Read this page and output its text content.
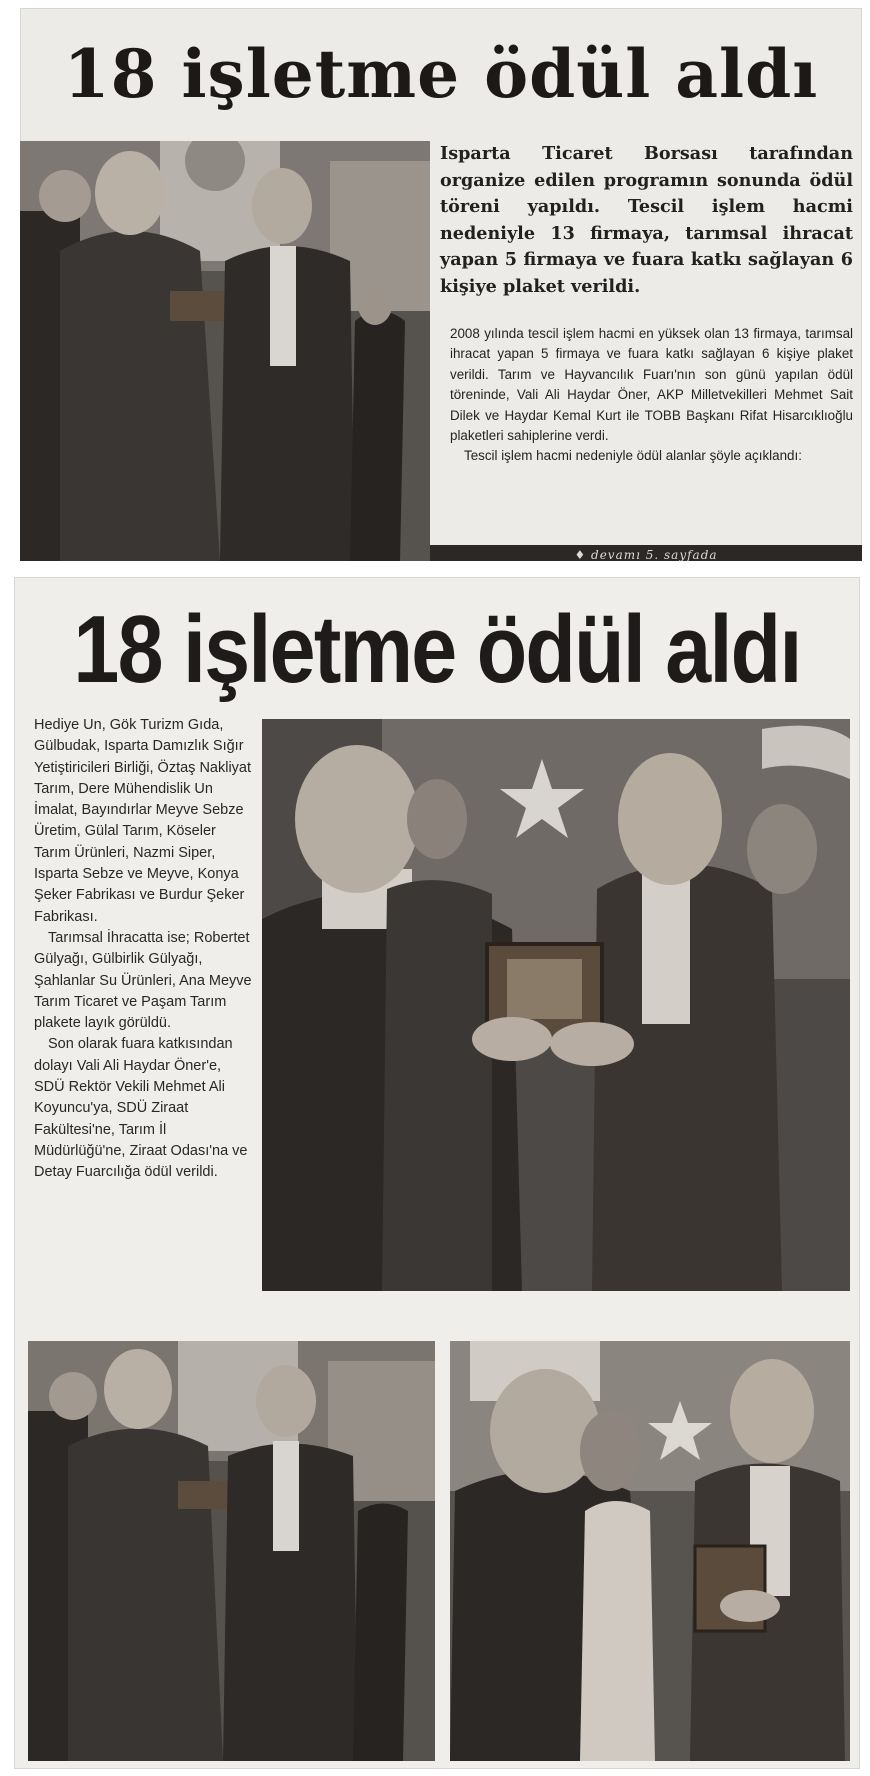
18 işletme ödül aldı
Isparta Ticaret Borsası tarafından organize edilen programın sonunda ödül töreni yapıldı. Tescil işlem hacmi nedeniyle 13 firmaya, tarımsal ihracat yapan 5 firmaya ve fuara katkı sağlayan 6 kişiye plaket verildi.

2008 yılında tescil işlem hacmi en yüksek olan 13 firmaya, tarımsal ihracat yapan 5 firmaya ve fuara katkı sağlayan 6 kişiye plaket verildi. Tarım ve Hayvancılık Fuarı'nın son günü yapılan ödül töreninde, Vali Ali Haydar Öner, AKP Milletvekilleri Mehmet Sait Dilek ve Haydar Kemal Kurt ile TOBB Başkanı Rifat Hisarcıklıoğlu plaketleri sahiplerine verdi.

Tescil işlem hacmi nedeniyle ödül alanlar şöyle açıklandı:

♦ devamı 5. sayfada
18 işletme ödül aldı

Hediye Un, Gök Turizm Gıda, Gülbudak, Isparta Damızlık Sığır Yetiştiricileri Birliği, Öztaş Nakliyat Tarım, Dere Mühendislik Un İmalat, Bayındırlar Meyve Sebze Üretim, Gülal Tarım, Köseler Tarım Ürünleri, Nazmi Siper, Isparta Sebze ve Meyve, Konya Şeker Fabrikası ve Burdur Şeker Fabrikası.

Tarımsal İhracatta ise; Robertet Gülyağı, Gülbirlik Gülyağı, Şahlanlar Su Ürünleri, Ana Meyve Tarım Ticaret ve Paşam Tarım plakete layık görüldü.

Son olarak fuara katkısından dolayı Vali Ali Haydar Öner'e, SDÜ Rektör Vekili Mehmet Ali Koyuncu'ya, SDÜ Ziraat Fakültesi'ne, Tarım İl Müdürlüğü'ne, Ziraat Odası'na ve Detay Fuarcılığa ödül verildi.
